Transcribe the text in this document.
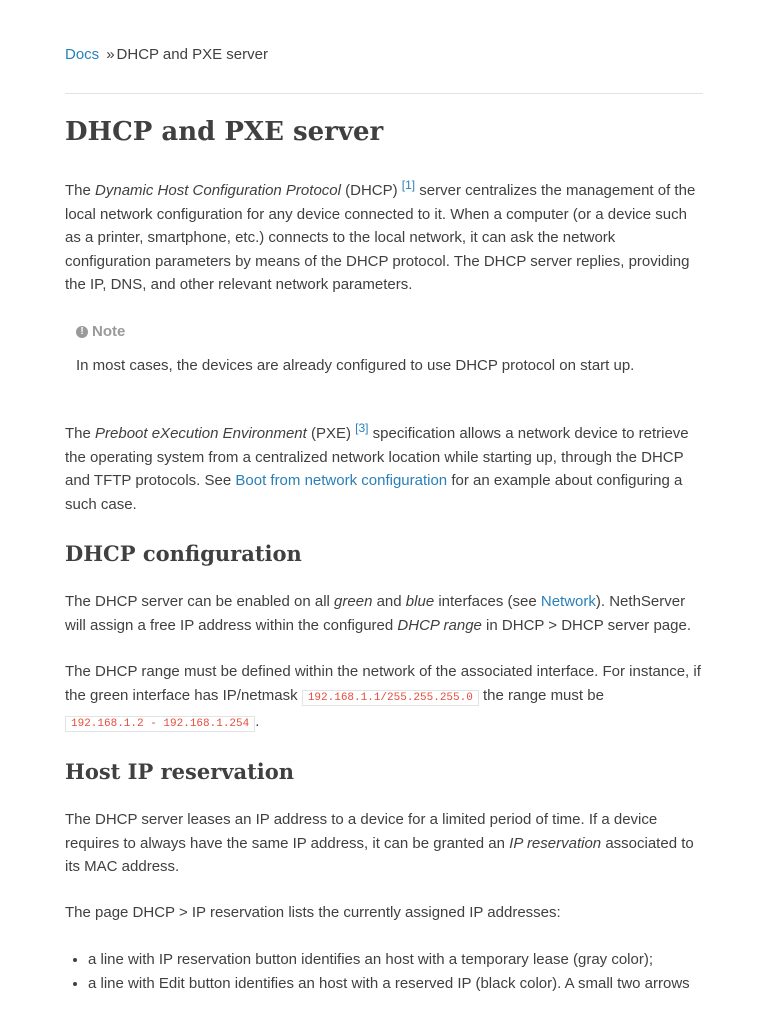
Docs » DHCP and PXE server
DHCP and PXE server

The Dynamic Host Configuration Protocol (DHCP) [1] server centralizes the management of the local network configuration for any device connected to it. When a computer (or a device such as a printer, smartphone, etc.) connects to the local network, it can ask the network configuration parameters by means of the DHCP protocol. The DHCP server replies, providing the IP, DNS, and other relevant network parameters.

! Note

In most cases, the devices are already configured to use DHCP protocol on start up.

The Preboot eXecution Environment (PXE) [3] specification allows a network device to retrieve the operating system from a centralized network location while starting up, through the DHCP and TFTP protocols. See Boot from network configuration for an example about configuring a such case.

DHCP configuration

The DHCP server can be enabled on all green and blue interfaces (see Network). NethServer will assign a free IP address within the configured DHCP range in DHCP > DHCP server page.

The DHCP range must be defined within the network of the associated interface. For instance, if the green interface has IP/netmask 192.168.1.1/255.255.255.0 the range must be
192.168.1.2 - 192.168.1.254 .

Host IP reservation

The DHCP server leases an IP address to a device for a limited period of time. If a device requires to always have the same IP address, it can be granted an IP reservation associated to its MAC address.

The page DHCP > IP reservation lists the currently assigned IP addresses:

• a line with IP reservation button identifies an host with a temporary lease (gray color);
• a line with Edit button identifies an host with a reserved IP (black color). A small two arrows
